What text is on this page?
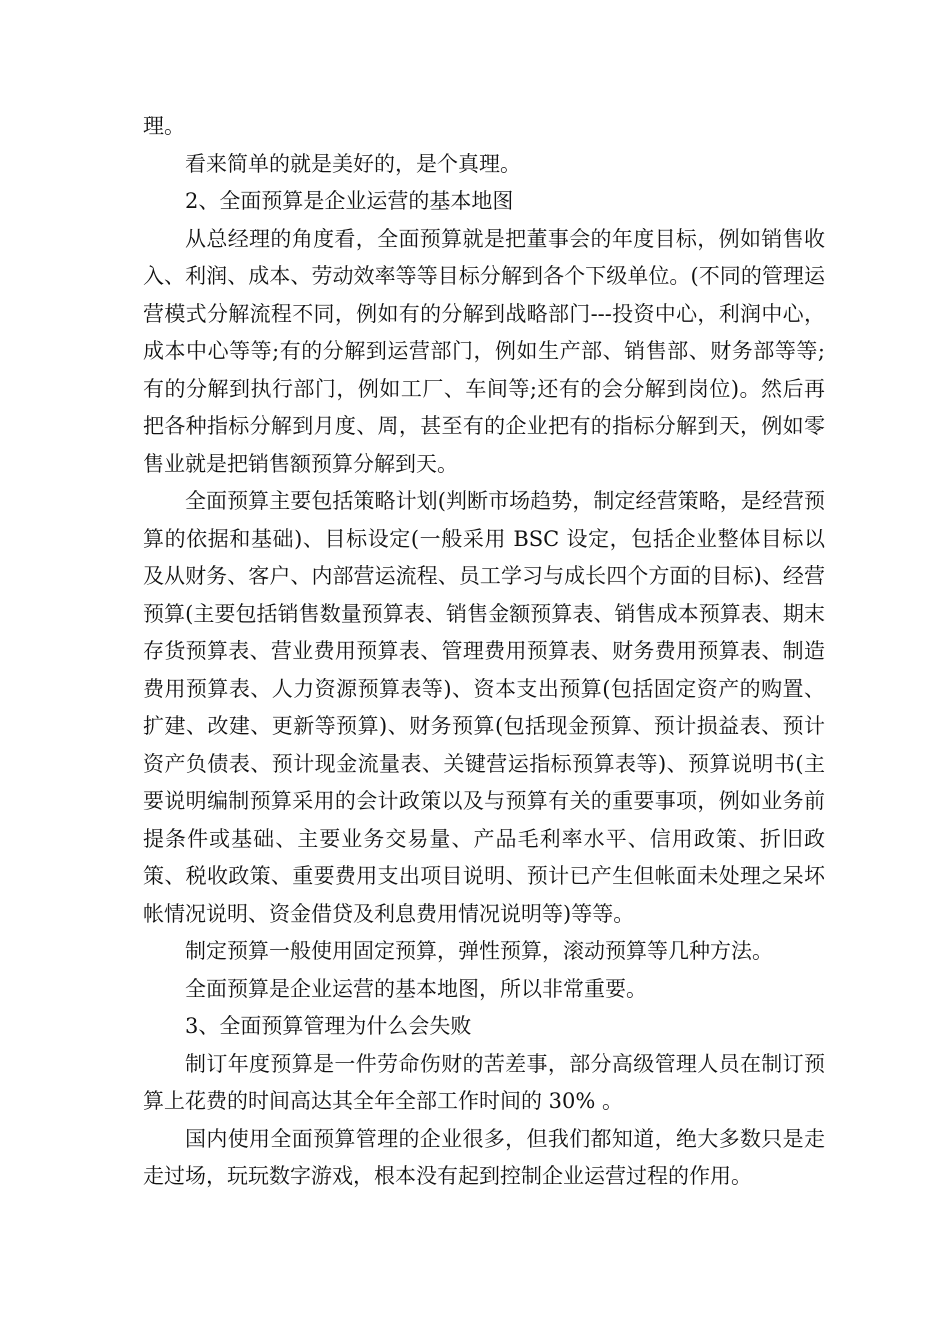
理。

看来简单的就是美好的，是个真理。

2、全面预算是企业运营的基本地图

从总经理的角度看，全面预算就是把董事会的年度目标，例如销售收入、利润、成本、劳动效率等等目标分解到各个下级单位。(不同的管理运营模式分解流程不同，例如有的分解到战略部门---投资中心，利润中心，成本中心等等;有的分解到运营部门，例如生产部、销售部、财务部等等;有的分解到执行部门，例如工厂、车间等;还有的会分解到岗位)。然后再把各种指标分解到月度、周，甚至有的企业把有的指标分解到天，例如零售业就是把销售额预算分解到天。

全面预算主要包括策略计划(判断市场趋势，制定经营策略，是经营预算的依据和基础)、目标设定(一般采用 BSC 设定，包括企业整体目标以及从财务、客户、内部营运流程、员工学习与成长四个方面的目标)、经营预算(主要包括销售数量预算表、销售金额预算表、销售成本预算表、期末存货预算表、营业费用预算表、管理费用预算表、财务费用预算表、制造费用预算表、人力资源预算表等)、资本支出预算(包括固定资产的购置、扩建、改建、更新等预算)、财务预算(包括现金预算、预计损益表、预计资产负债表、预计现金流量表、关键营运指标预算表等)、预算说明书(主要说明编制预算采用的会计政策以及与预算有关的重要事项，例如业务前提条件或基础、主要业务交易量、产品毛利率水平、信用政策、折旧政策、税收政策、重要费用支出项目说明、预计已产生但帐面未处理之呆坏帐情况说明、资金借贷及利息费用情况说明等)等等。

制定预算一般使用固定预算，弹性预算，滚动预算等几种方法。

全面预算是企业运营的基本地图，所以非常重要。

3、全面预算管理为什么会失败

制订年度预算是一件劳命伤财的苦差事，部分高级管理人员在制订预算上花费的时间高达其全年全部工作时间的 30% 。

国内使用全面预算管理的企业很多，但我们都知道，绝大多数只是走走过场，玩玩数字游戏，根本没有起到控制企业运营过程的作用。
